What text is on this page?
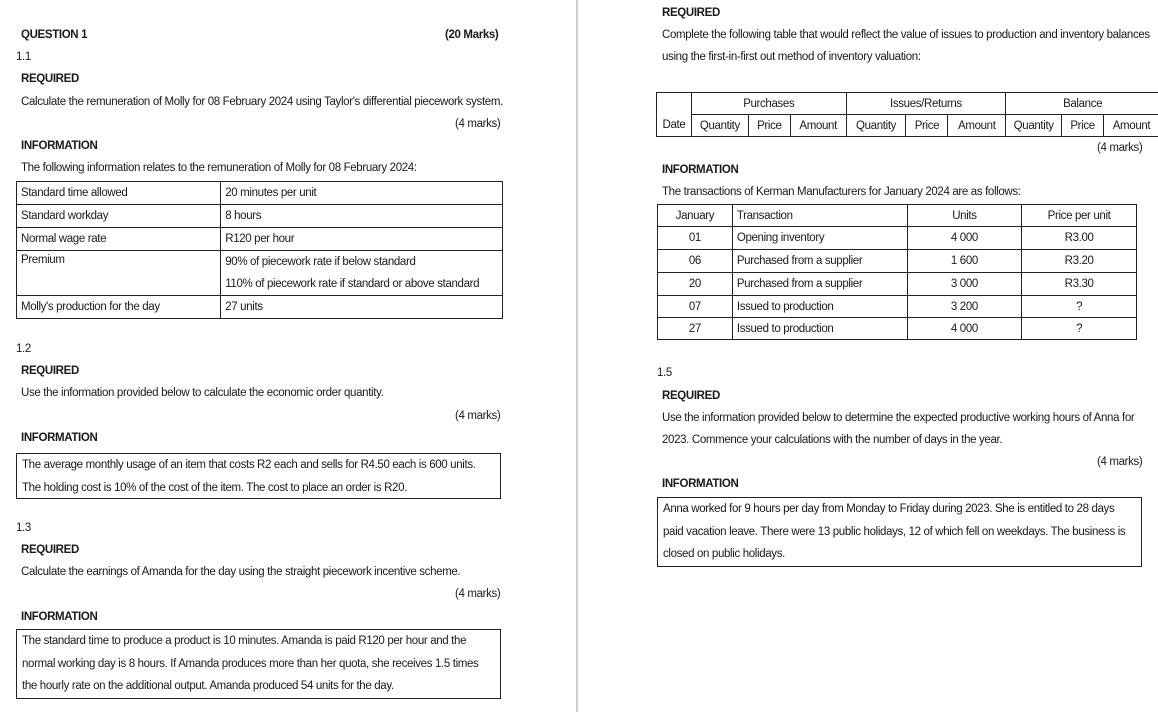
QUESTION 1	(20 Marks)
1.1
REQUIRED
Calculate the remuneration of Molly for 08 February 2024 using Taylor's differential piecework system.
(4 marks)
INFORMATION
The following information relates to the remuneration of Molly for 08 February 2024:
Standard time allowed	20 minutes per unit
Standard workday	8 hours
Normal wage rate	R120 per hour
Premium	90% of piecework rate if below standard
	110% of piecework rate if standard or above standard
Molly's production for the day	27 units
1.2
REQUIRED
Use the information provided below to calculate the economic order quantity.
(4 marks)
INFORMATION
The average monthly usage of an item that costs R2 each and sells for R4.50 each is 600 units. The holding cost is 10% of the cost of the item. The cost to place an order is R20.
1.3
REQUIRED
Calculate the earnings of Amanda for the day using the straight piecework incentive scheme.
(4 marks)
INFORMATION
The standard time to produce a product is 10 minutes. Amanda is paid R120 per hour and the normal working day is 8 hours. If Amanda produces more than her quota, she receives 1.5 times the hourly rate on the additional output. Amanda produced 54 units for the day.
REQUIRED
Complete the following table that would reflect the value of issues to production and inventory balances
using the first-in-first out method of inventory valuation:
	Purchases			Issues/Returns			Balance		
Date	Quantity	Price	Amount	Quantity	Price	Amount	Quantity	Price	Amount
(4 marks)
INFORMATION
The transactions of Kerman Manufacturers for January 2024 are as follows:
January	Transaction	Units	Price per unit
01	Opening inventory	4 000	R3.00
06	Purchased from a supplier	1 600	R3.20
20	Purchased from a supplier	3 000	R3.30
07	Issued to production	3 200	?
27	Issued to production	4 000	?
1.5
REQUIRED
Use the information provided below to determine the expected productive working hours of Anna for
2023. Commence your calculations with the number of days in the year.
(4 marks)
INFORMATION
Anna worked for 9 hours per day from Monday to Friday during 2023. She is entitled to 28 days paid vacation leave. There were 13 public holidays, 12 of which fell on weekdays. The business is closed on public holidays.
